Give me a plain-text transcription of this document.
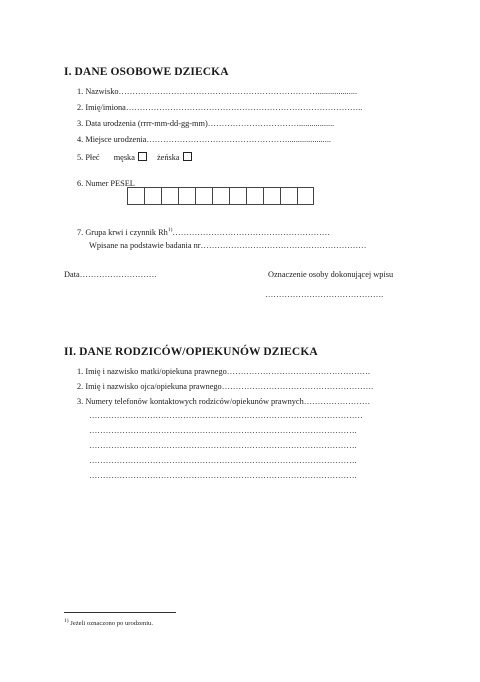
I. DANE OSOBOWE DZIECKA
1. Nazwisko………………………………………………………………...................
2. Imię/imiona…………………………………………………………………………..
3. Data urodzenia (rrrr-mm-dd-gg-mm)…………………………….................
4. Miejsce urodzenia…………………………………………….....................
5. Płeć męska	żeńska
6. Numer PESEL
7. Grupa krwi i czynnik Rh$^{1)}$…………………………………………………
Wpisane na podstawie badania nr……………………………………………………
Data……………………….	Oznaczenie osoby dokonującej wpisu
…………………………………….
II. DANE RODZICÓW/OPIEKUNÓW DZIECKA
1. Imię i nazwisko matki/opiekuna prawnego…………………………………………….
2. Imię i nazwisko ojca/opiekuna prawnego……………………………………………….
3. Numery telefonów kontaktowych rodziców/opiekunów prawnych……………………
………………………………………………………………………………………
…………………………………………………………………………………….
…………………………………………………………………………………….
…………………………………………………………………………………….
…………………………………………………………………………………….
$^{1)}$ Jeżeli oznaczono po urodzeniu.
